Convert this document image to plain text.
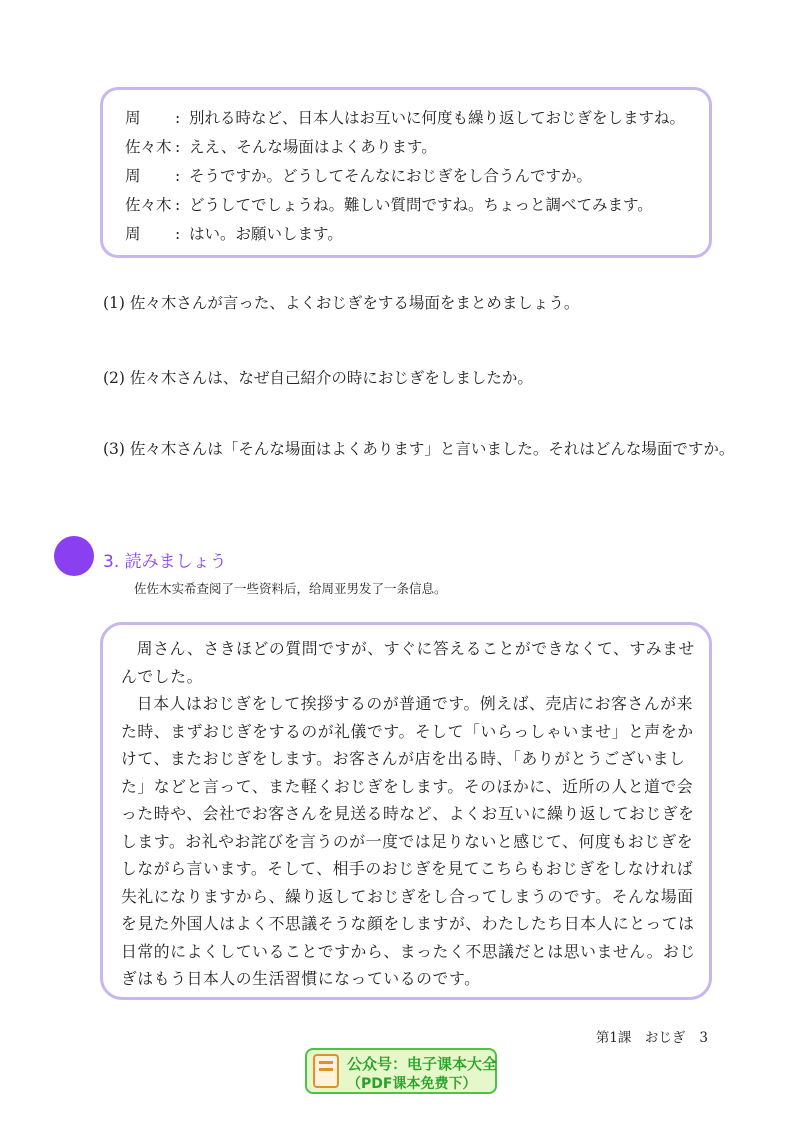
周 : 別れる時など、日本人はお互いに何度も繰り返しておじぎをしますね。
佐々木 : ええ、そんな場面はよくあります。
周 : そうですか。どうしてそんなにおじぎをし合うんですか。
佐々木 : どうしてでしょうね。難しい質問ですね。ちょっと調べてみます。
周 : はい。お願いします。
(1) 佐々木さんが言った、よくおじぎをする場面をまとめましょう。
(2) 佐々木さんは、なぜ自己紹介の時におじぎをしましたか。
(3) 佐々木さんは「そんな場面はよくあります」と言いました。それはどんな場面ですか。
3. 読みましょう
佐佐木实希查阅了一些资料后，给周亚男发了一条信息。

周さん、さきほどの質問ですが、すぐに答えることができなくて、すみませんでした。

日本人はおじぎをして挨拶するのが普通です。例えば、売店にお客さんが来た時、まずおじぎをするのが礼儀です。そして「いらっしゃいませ」と声をかけて、またおじぎをします。お客さんが店を出る時、「ありがとうございました」などと言って、また軽くおじぎをします。そのほかに、近所の人と道で会った時や、会社でお客さんを見送る時など、よくお互いに繰り返しておじぎをします。お礼やお詫びを言うのが一度では足りないと感じて、何度もおじぎをしながら言います。そして、相手のおじぎを見てこちらもおじぎをしなければ失礼になりますから、繰り返しておじぎをし合ってしまうのです。そんな場面を見た外国人はよく不思議そうな顔をしますが、わたしたち日本人にとっては日常的によくしていることですから、まったく不思議だとは思いません。おじぎはもう日本人の生活習慣になっているのです。

第1課　おじぎ 3
公众号：电子课本大全
（PDF课本免费下）
